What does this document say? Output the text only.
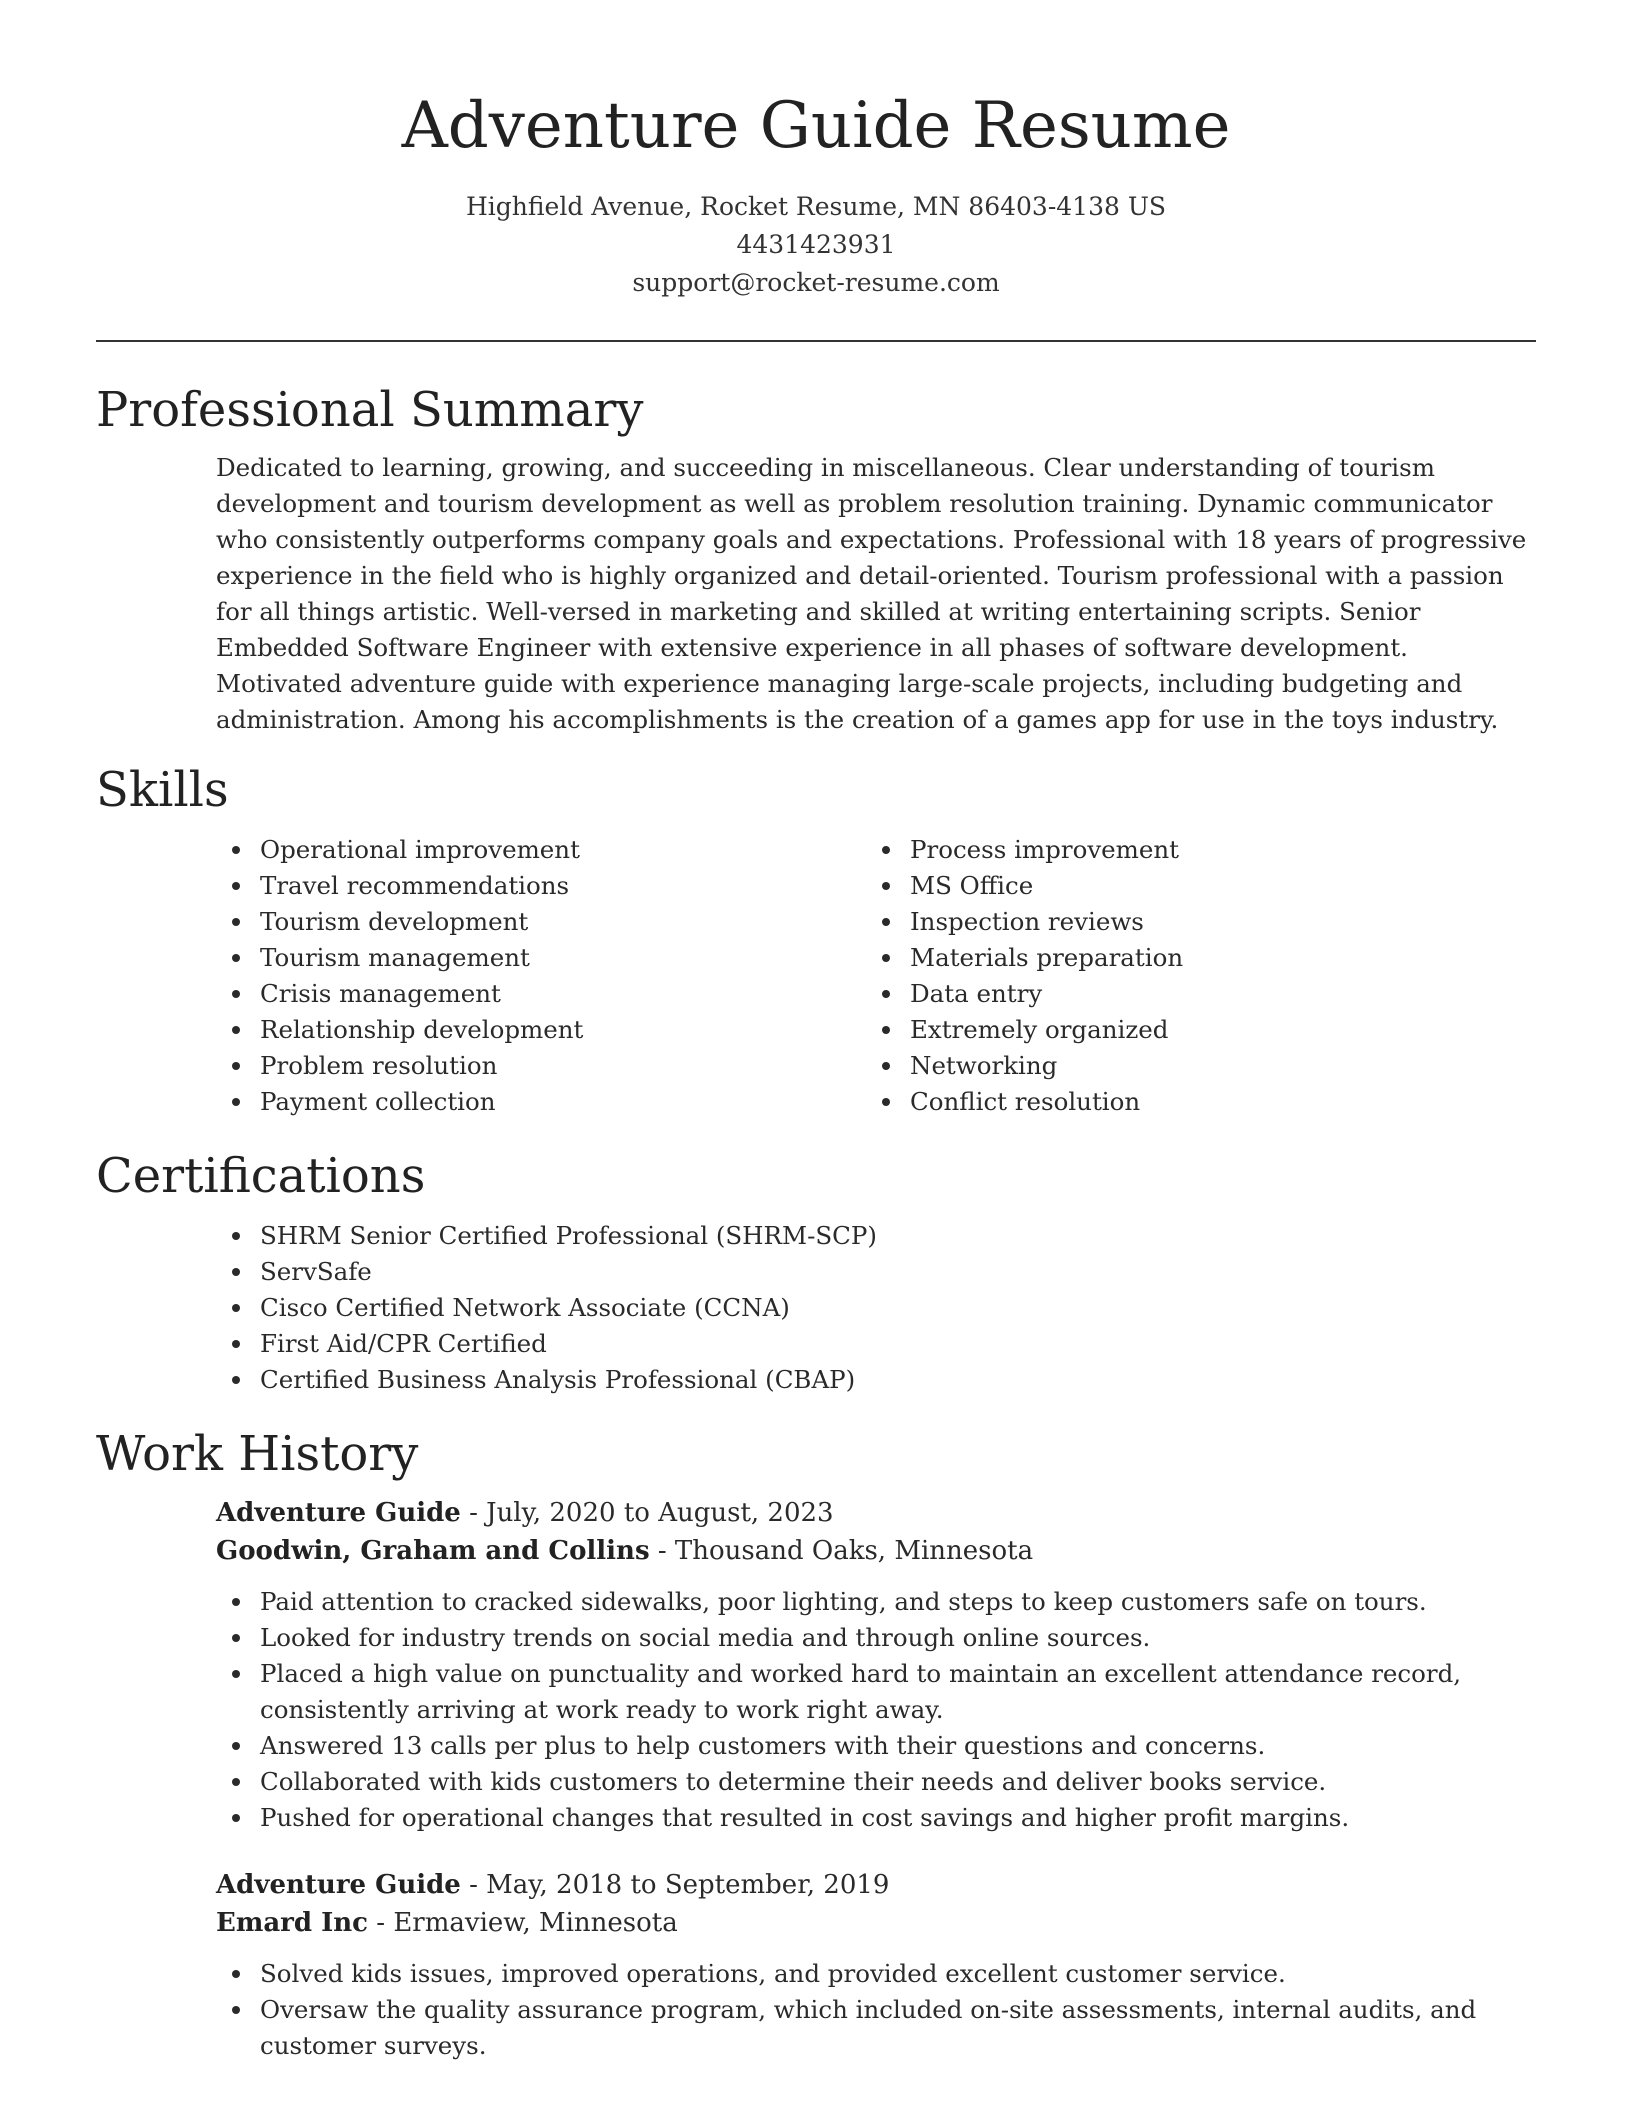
Adventure Guide Resume
Highfield Avenue, Rocket Resume, MN 86403-4138 US
4431423931
support@rocket-resume.com
Professional Summary
Dedicated to learning, growing, and succeeding in miscellaneous. Clear understanding of tourism development and tourism development as well as problem resolution training. Dynamic communicator who consistently outperforms company goals and expectations. Professional with 18 years of progressive experience in the field who is highly organized and detail-oriented. Tourism professional with a passion for all things artistic. Well-versed in marketing and skilled at writing entertaining scripts. Senior Embedded Software Engineer with extensive experience in all phases of software development. Motivated adventure guide with experience managing large-scale projects, including budgeting and administration. Among his accomplishments is the creation of a games app for use in the toys industry.
Skills
Operational improvement
Travel recommendations
Tourism development
Tourism management
Crisis management
Relationship development
Problem resolution
Payment collection
Process improvement
MS Office
Inspection reviews
Materials preparation
Data entry
Extremely organized
Networking
Conflict resolution
Certifications
SHRM Senior Certified Professional (SHRM-SCP)
ServSafe
Cisco Certified Network Associate (CCNA)
First Aid/CPR Certified
Certified Business Analysis Professional (CBAP)
Work History
Adventure Guide - July, 2020 to August, 2023
Goodwin, Graham and Collins - Thousand Oaks, Minnesota
Paid attention to cracked sidewalks, poor lighting, and steps to keep customers safe on tours.
Looked for industry trends on social media and through online sources.
Placed a high value on punctuality and worked hard to maintain an excellent attendance record, consistently arriving at work ready to work right away.
Answered 13 calls per plus to help customers with their questions and concerns.
Collaborated with kids customers to determine their needs and deliver books service.
Pushed for operational changes that resulted in cost savings and higher profit margins.
Adventure Guide - May, 2018 to September, 2019
Emard Inc - Ermaview, Minnesota
Solved kids issues, improved operations, and provided excellent customer service.
Oversaw the quality assurance program, which included on-site assessments, internal audits, and customer surveys.
